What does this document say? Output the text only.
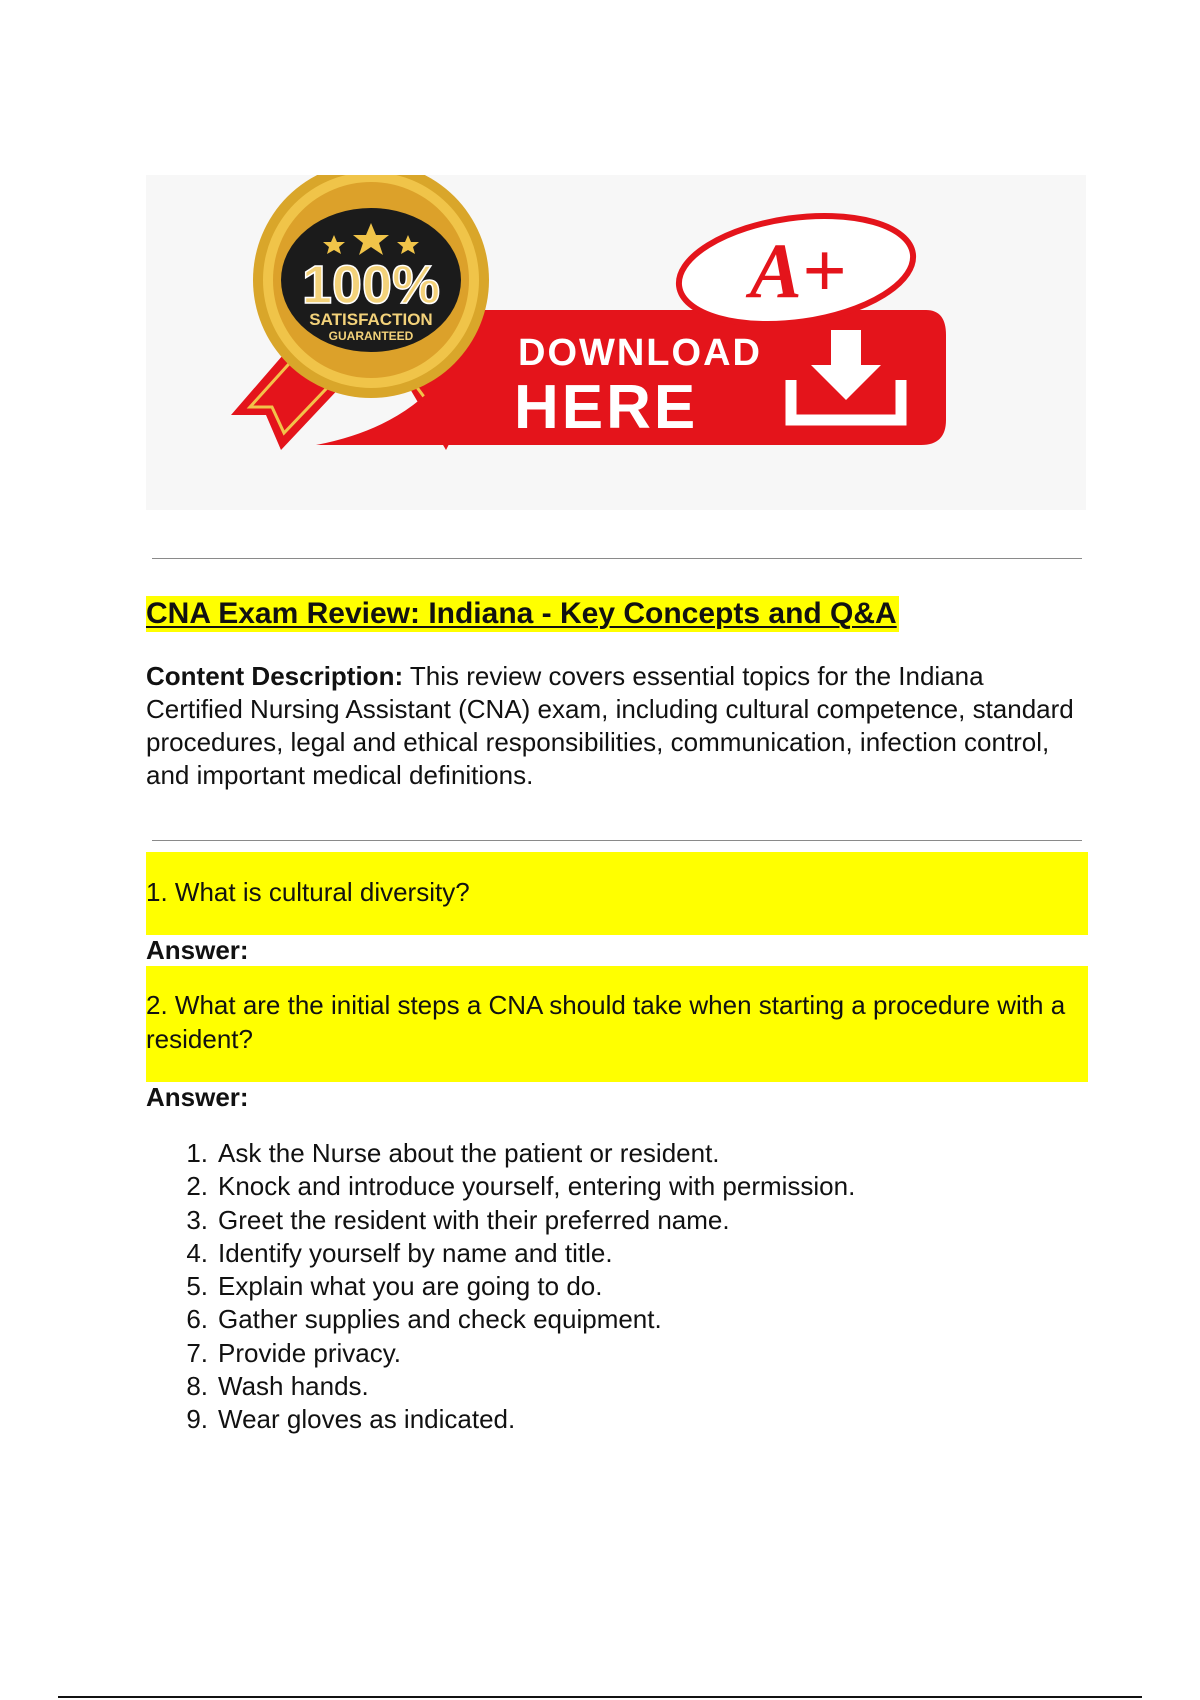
A+
100%
SATISFACTION
GUARANTEED	DOWNLOAD
HERE
CNA Exam Review: Indiana - Key Concepts and Q&A

Content Description: This review covers essential topics for the Indiana Certified Nursing Assistant (CNA) exam, including cultural competence, standard procedures, legal and ethical responsibilities, communication, infection control, and important medical definitions.

1. What is cultural diversity?
Answer:
2. What are the initial steps a CNA should take when starting a procedure with a resident?
Answer:
1. Ask the Nurse about the patient or resident.
2. Knock and introduce yourself, entering with permission.
3. Greet the resident with their preferred name.
4. Identify yourself by name and title.
5. Explain what you are going to do.
6. Gather supplies and check equipment.
7. Provide privacy.
8. Wash hands.
9. Wear gloves as indicated.
